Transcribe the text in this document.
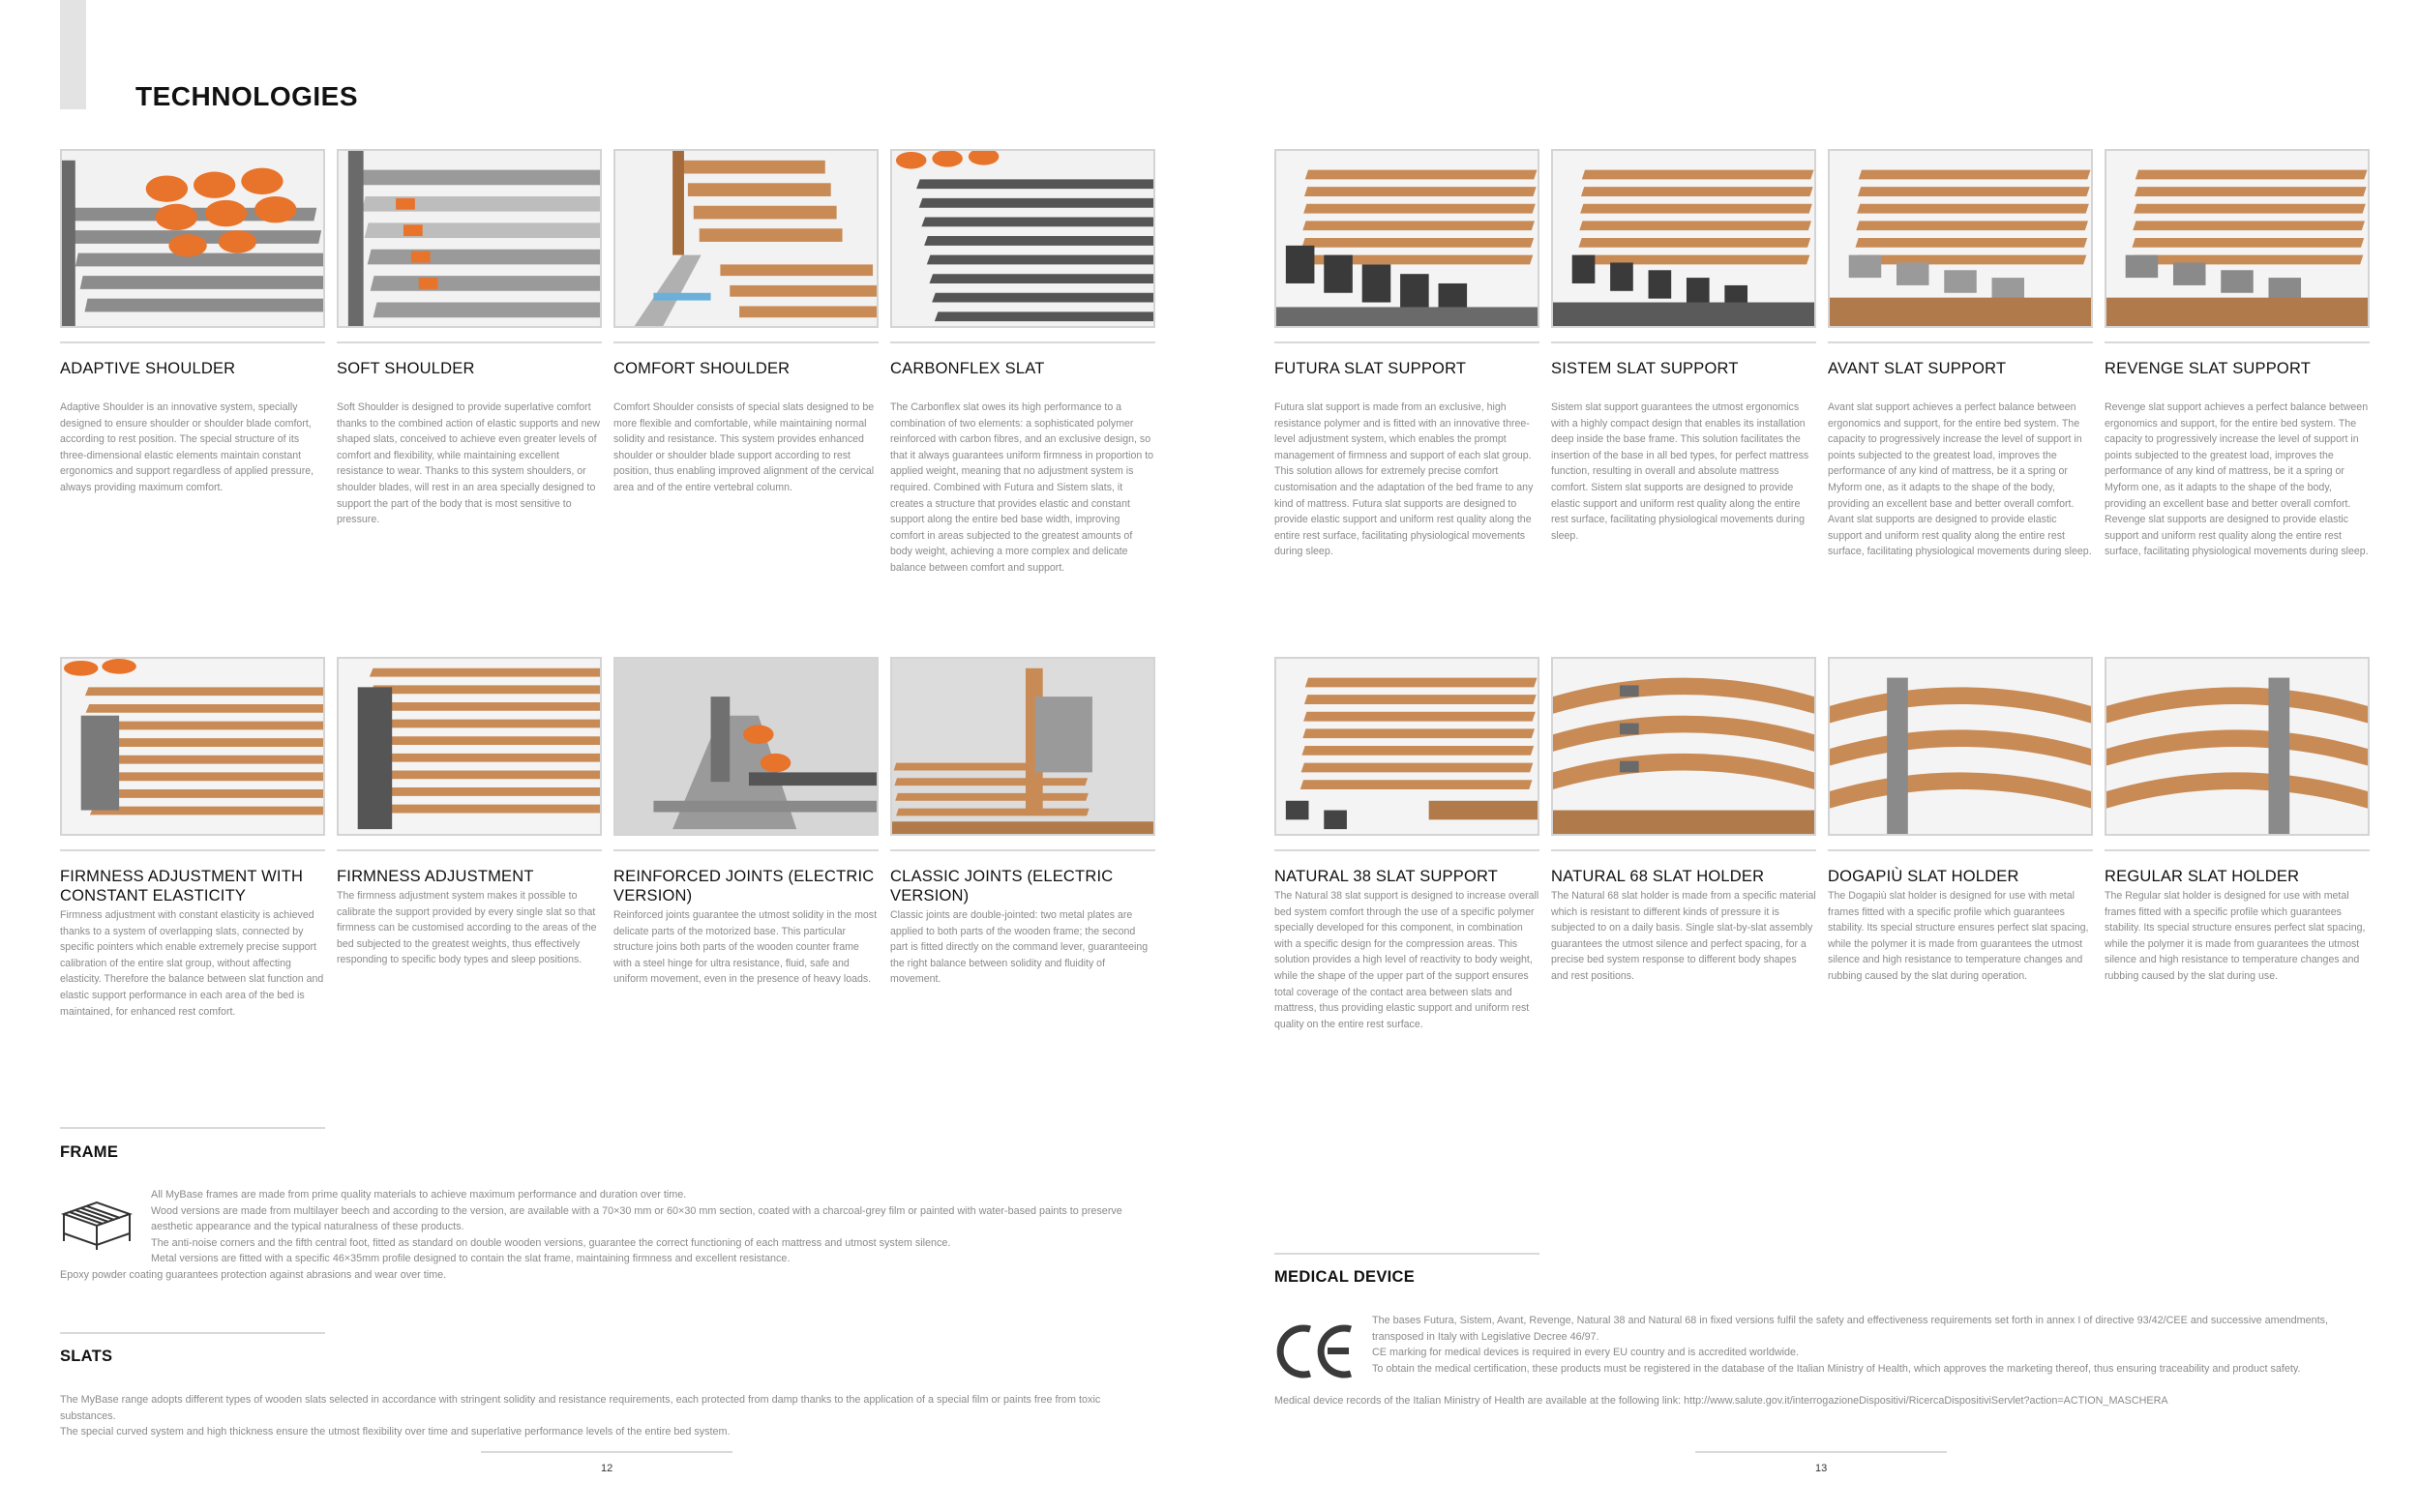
TECHNOLOGIES
ADAPTIVE SHOULDER

Adaptive Shoulder is an innovative system, specially designed to ensure shoulder or shoulder blade comfort, according to rest position. The special structure of its three-dimensional elastic elements maintain constant ergonomics and support regardless of applied pressure, always providing maximum comfort.

SOFT SHOULDER

Soft Shoulder is designed to provide superlative comfort thanks to the combined action of elastic supports and new shaped slats, conceived to achieve even greater levels of comfort and flexibility, while maintaining excellent resistance to wear. Thanks to this system shoulders, or shoulder blades, will rest in an area specially designed to support the part of the body that is most sensitive to pressure.

COMFORT SHOULDER

Comfort Shoulder consists of special slats designed to be more flexible and comfortable, while maintaining normal solidity and resistance. This system provides enhanced shoulder or shoulder blade support according to rest position, thus enabling improved alignment of the cervical area and of the entire vertebral column.

CARBONFLEX SLAT

The Carbonflex slat owes its high performance to a combination of two elements: a sophisticated polymer reinforced with carbon fibres, and an exclusive design, so that it always guarantees uniform firmness in proportion to applied weight, meaning that no adjustment system is required. Combined with Futura and Sistem slats, it creates a structure that provides elastic and constant support along the entire bed base width, improving comfort in areas subjected to the greatest amounts of body weight, achieving a more complex and delicate balance between comfort and support.

FUTURA SLAT SUPPORT

Futura slat support is made from an exclusive, high resistance polymer and is fitted with an innovative three-level adjustment system, which enables the prompt management of firmness and support of each slat group. This solution allows for extremely precise comfort customisation and the adaptation of the bed frame to any kind of mattress. Futura slat supports are designed to provide elastic support and uniform rest quality along the entire rest surface, facilitating physiological movements during sleep.

SISTEM SLAT SUPPORT

Sistem slat support guarantees the utmost ergonomics with a highly compact design that enables its installation deep inside the base frame. This solution facilitates the insertion of the base in all bed types, for perfect mattress function, resulting in overall and absolute mattress comfort. Sistem slat supports are designed to provide elastic support and uniform rest quality along the entire rest surface, facilitating physiological movements during sleep.

AVANT SLAT SUPPORT

Avant slat support achieves a perfect balance between ergonomics and support, for the entire bed system. The capacity to progressively increase the level of support in points subjected to the greatest load, improves the performance of any kind of mattress, be it a spring or Myform one, as it adapts to the shape of the body, providing an excellent base and better overall comfort. Avant slat supports are designed to provide elastic support and uniform rest quality along the entire rest surface, facilitating physiological movements during sleep.

REVENGE SLAT SUPPORT

Revenge slat support achieves a perfect balance between ergonomics and support, for the entire bed system. The capacity to progressively increase the level of support in points subjected to the greatest load, improves the performance of any kind of mattress, be it a spring or Myform one, as it adapts to the shape of the body, providing an excellent base and better overall comfort. Revenge slat supports are designed to provide elastic support and uniform rest quality along the entire rest surface, facilitating physiological movements during sleep.

FIRMNESS ADJUSTMENT WITH CONSTANT ELASTICITY

Firmness adjustment with constant elasticity is achieved thanks to a system of overlapping slats, connected by specific pointers which enable extremely precise support calibration of the entire slat group, without affecting elasticity. Therefore the balance between slat function and elastic support performance in each area of the bed is maintained, for enhanced rest comfort.

FIRMNESS ADJUSTMENT

The firmness adjustment system makes it possible to calibrate the support provided by every single slat so that firmness can be customised according to the areas of the bed subjected to the greatest weights, thus effectively responding to specific body types and sleep positions.

REINFORCED JOINTS (ELECTRIC VERSION)

Reinforced joints guarantee the utmost solidity in the most delicate parts of the motorized base. This particular structure joins both parts of the wooden counter frame with a steel hinge for ultra resistance, fluid, safe and uniform movement, even in the presence of heavy loads.

CLASSIC JOINTS (ELECTRIC VERSION)

Classic joints are double-jointed: two metal plates are applied to both parts of the wooden frame; the second part is fitted directly on the command lever, guaranteeing the right balance between solidity and fluidity of movement.

NATURAL 38 SLAT SUPPORT

The Natural 38 slat support is designed to increase overall bed system comfort through the use of a specific polymer specially developed for this component, in combination with a specific design for the compression areas. This solution provides a high level of reactivity to body weight, while the shape of the upper part of the support ensures total coverage of the contact area between slats and mattress, thus providing elastic support and uniform rest quality on the entire rest surface.

NATURAL 68 SLAT HOLDER

The Natural 68 slat holder is made from a specific material which is resistant to different kinds of pressure it is subjected to on a daily basis. Single slat-by-slat assembly guarantees the utmost silence and perfect spacing, for a precise bed system response to different body shapes and rest positions.

DOGAPIÙ SLAT HOLDER

The Dogapiù slat holder is designed for use with metal frames fitted with a specific profile which guarantees stability. Its special structure ensures perfect slat spacing, while the polymer it is made from guarantees the utmost silence and high resistance to temperature changes and rubbing caused by the slat during operation.

REGULAR SLAT HOLDER

The Regular slat holder is designed for use with metal frames fitted with a specific profile which guarantees stability. Its special structure ensures perfect slat spacing, while the polymer it is made from guarantees the utmost silence and high resistance to temperature changes and rubbing caused by the slat during use.

FRAME

All MyBase frames are made from prime quality materials to achieve maximum performance and duration over time.

Wood versions are made from multilayer beech and according to the version, are available with a 70×30 mm or 60×30 mm section, coated with a charcoal-grey film or painted with water-based paints to preserve aesthetic appearance and the typical naturalness of these products.

The anti-noise corners and the fifth central foot, fitted as standard on double wooden versions, guarantee the correct functioning of each mattress and utmost system silence.

Metal versions are fitted with a specific 46×35mm profile designed to contain the slat frame, maintaining firmness and excellent resistance.

Epoxy powder coating guarantees protection against abrasions and wear over time.

SLATS

The MyBase range adopts different types of wooden slats selected in accordance with stringent solidity and resistance requirements, each protected from damp thanks to the application of a special film or paints free from toxic substances.

The special curved system and high thickness ensure the utmost flexibility over time and superlative performance levels of the entire bed system.

MEDICAL DEVICE

The bases Futura, Sistem, Avant, Revenge, Natural 38 and Natural 68 in fixed versions fulfil the safety and effectiveness requirements set forth in annex I of directive 93/42/CEE and successive amendments, transposed in Italy with Legislative Decree 46/97.

CE marking for medical devices is required in every EU country and is accredited worldwide.

To obtain the medical certification, these products must be registered in the database of the Italian Ministry of Health, which approves the marketing thereof, thus ensuring traceability and product safety.

Medical device records of the Italian Ministry of Health are available at the following link: http://www.salute.gov.it/interrogazioneDispositivi/RicercaDispositiviServlet?action=ACTION_MASCHERA

12	13
